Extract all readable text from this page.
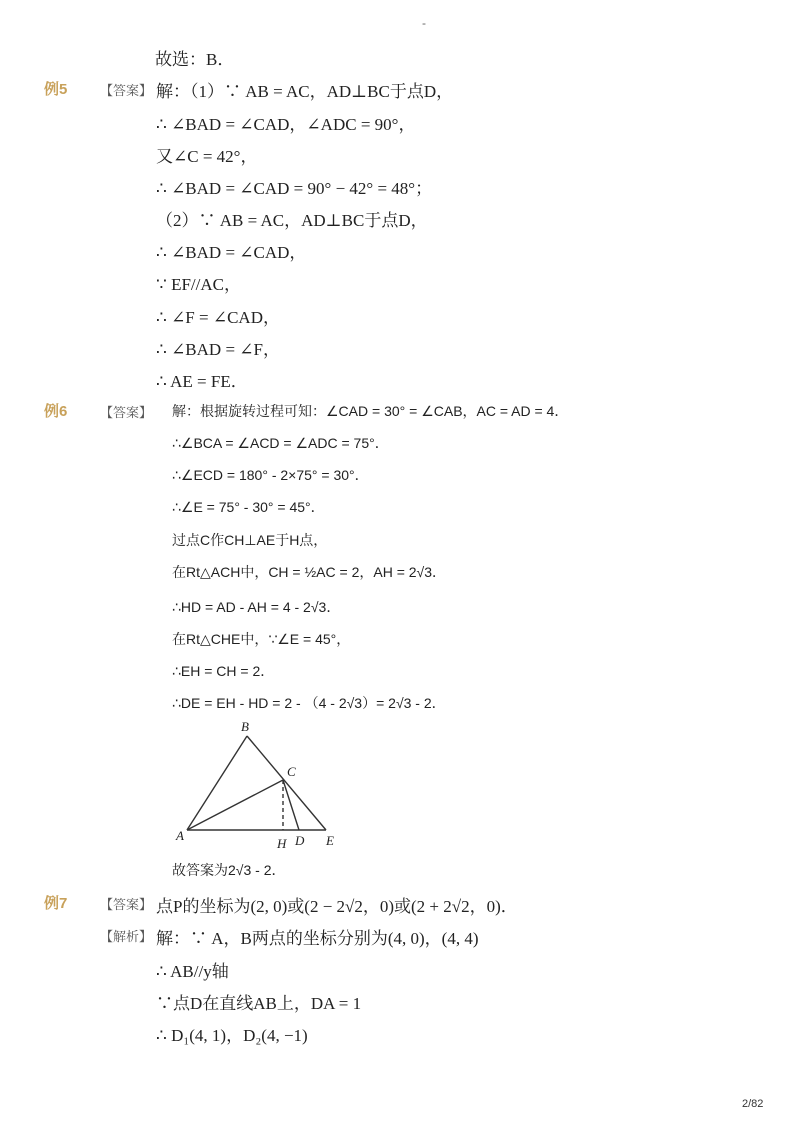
-
故选：B．
例5	【答案】 解：（1）∵ AB = AC，AD⊥BC于点D，
∴ ∠BAD = ∠CAD，∠ADC = 90°，
又∠C = 42°，
∴ ∠BAD = ∠CAD = 90° − 42° = 48°；
（2）∵ AB = AC，AD⊥BC于点D，
∴ ∠BAD = ∠CAD，
∵ EF//AC，
∴ ∠F = ∠CAD，
∴ ∠BAD = ∠F，
∴ AE = FE．
例6	【答案】 解：根据旋转过程可知：∠CAD = 30° = ∠CAB，AC = AD = 4．
∴∠BCA = ∠ACD = ∠ADC = 75°．
∴∠ECD = 180° - 2×75° = 30°．
∴∠E = 75° - 30° = 45°．
过点C作CH⊥AE于H点，
在Rt△ACH中，CH = ½AC = 2，AH = 2√3．
∴HD = AD - AH = 4 - 2√3．
在Rt△CHE中，∵∠E = 45°，
∴EH = CH = 2．
∴DE = EH - HD = 2 - （4 - 2√3）= 2√3 - 2．
B
C
A
H D E
故答案为2√3 - 2．
例7	【答案】 点P的坐标为(2, 0)或(2 − 2√2，0)或(2 + 2√2，0)．
【解析】 解：∵ A，B两点的坐标分别为(4, 0)，(4, 4)
∴ AB//y轴
∵点D在直线AB上，DA = 1
∴ D₁(4, 1)，D₂(4, −1)
2/82
